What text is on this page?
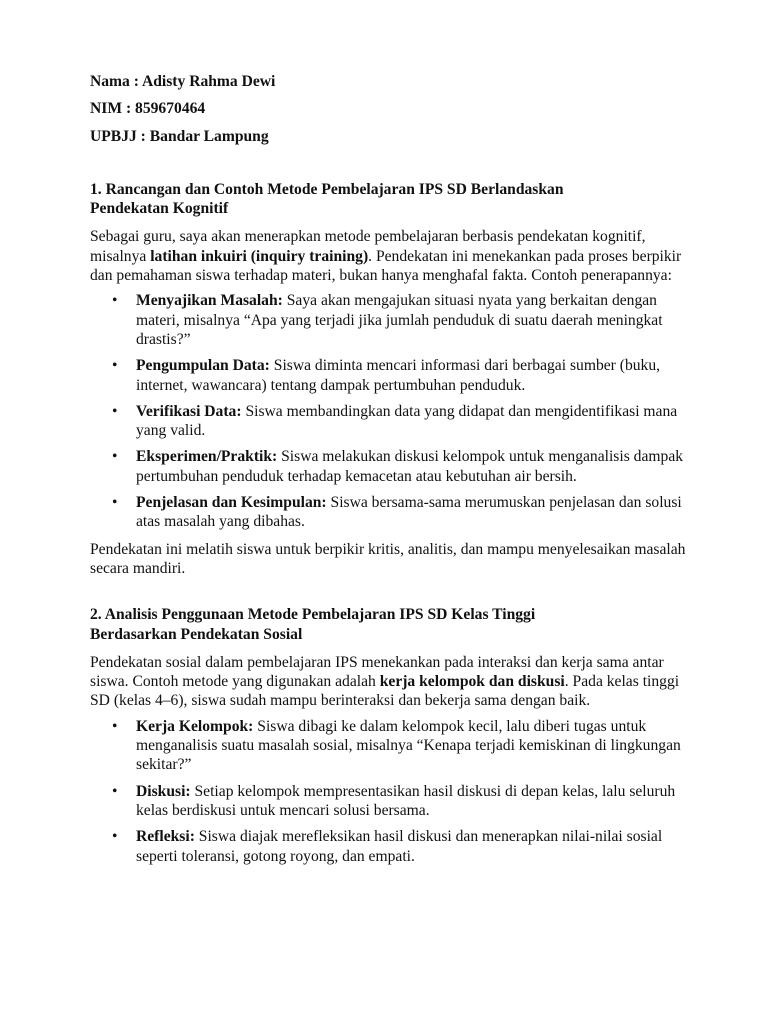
Nama : Adisty Rahma Dewi

NIM : 859670464

UPBJJ : Bandar Lampung

1. Rancangan dan Contoh Metode Pembelajaran IPS SD Berlandaskan
Pendekatan Kognitif

Sebagai guru, saya akan menerapkan metode pembelajaran berbasis pendekatan kognitif, misalnya latihan inkuiri (inquiry training). Pendekatan ini menekankan pada proses berpikir dan pemahaman siswa terhadap materi, bukan hanya menghafal fakta. Contoh penerapannya:

• Menyajikan Masalah: Saya akan mengajukan situasi nyata yang berkaitan dengan materi, misalnya “Apa yang terjadi jika jumlah penduduk di suatu daerah meningkat drastis?”
• Pengumpulan Data: Siswa diminta mencari informasi dari berbagai sumber (buku, internet, wawancara) tentang dampak pertumbuhan penduduk.
• Verifikasi Data: Siswa membandingkan data yang didapat dan mengidentifikasi mana yang valid.
• Eksperimen/Praktik: Siswa melakukan diskusi kelompok untuk menganalisis dampak pertumbuhan penduduk terhadap kemacetan atau kebutuhan air bersih.
• Penjelasan dan Kesimpulan: Siswa bersama-sama merumuskan penjelasan dan solusi atas masalah yang dibahas.

Pendekatan ini melatih siswa untuk berpikir kritis, analitis, dan mampu menyelesaikan masalah secara mandiri.

2. Analisis Penggunaan Metode Pembelajaran IPS SD Kelas Tinggi
Berdasarkan Pendekatan Sosial

Pendekatan sosial dalam pembelajaran IPS menekankan pada interaksi dan kerja sama antar siswa. Contoh metode yang digunakan adalah kerja kelompok dan diskusi. Pada kelas tinggi SD (kelas 4–6), siswa sudah mampu berinteraksi dan bekerja sama dengan baik.

• Kerja Kelompok: Siswa dibagi ke dalam kelompok kecil, lalu diberi tugas untuk menganalisis suatu masalah sosial, misalnya “Kenapa terjadi kemiskinan di lingkungan sekitar?”
• Diskusi: Setiap kelompok mempresentasikan hasil diskusi di depan kelas, lalu seluruh kelas berdiskusi untuk mencari solusi bersama.
• Refleksi: Siswa diajak merefleksikan hasil diskusi dan menerapkan nilai-nilai sosial seperti toleransi, gotong royong, dan empati.
